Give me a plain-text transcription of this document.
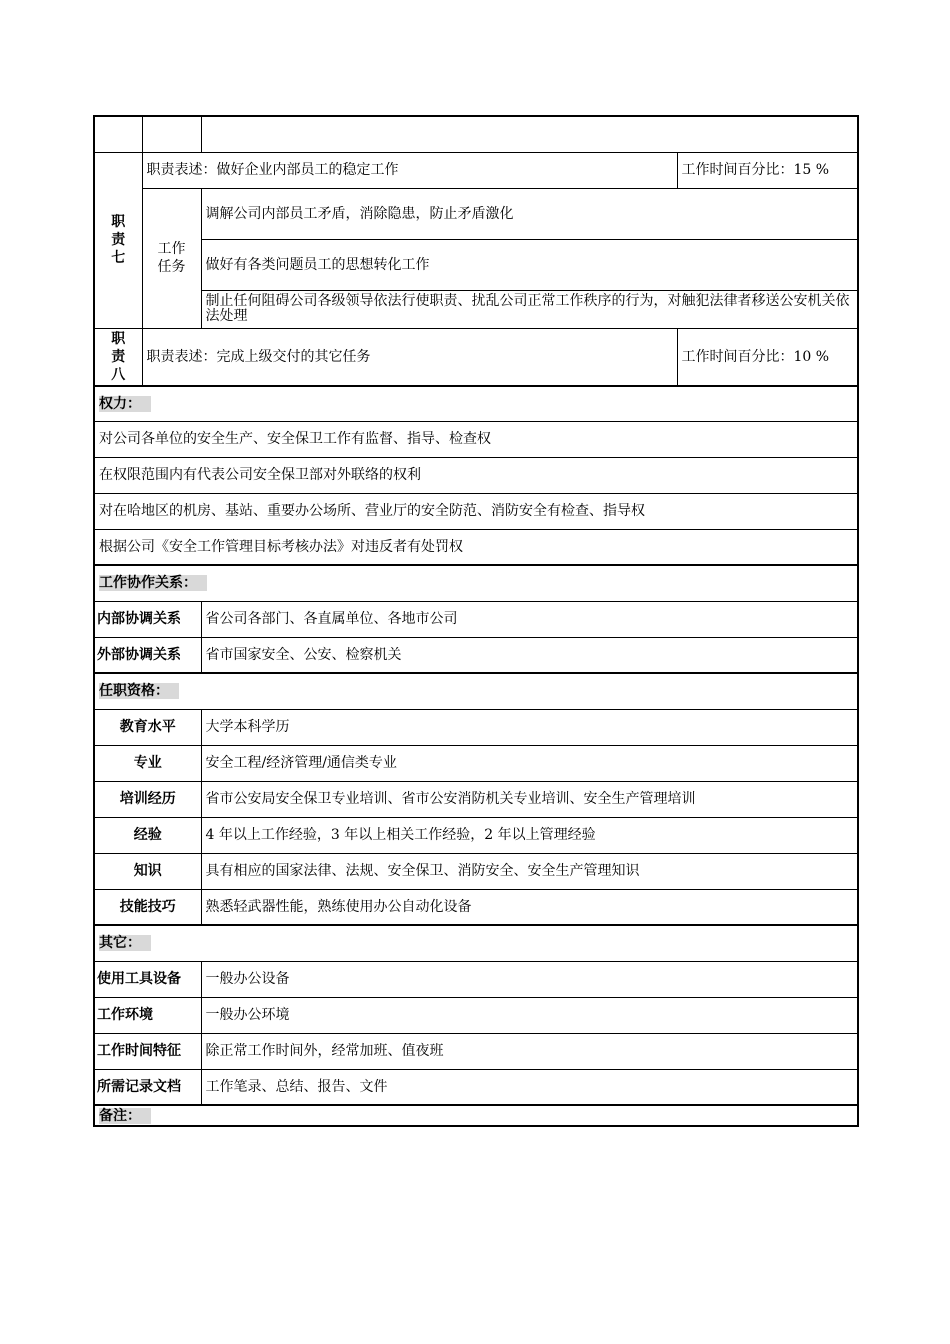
职责七	职责表述：做好企业内部员工的稳定工作		工作时间百分比：15 %
	工作任务	调解公司内部员工矛盾，消除隐患，防止矛盾激化	
		做好有各类问题员工的思想转化工作	
		制止任何阻碍公司各级领导依法行使职责、扰乱公司正常工作秩序的行为，对触犯法律者移送公安机关依法处理	
职责八	职责表述：完成上级交付的其它任务		工作时间百分比：10 %
权力：			
对公司各单位的安全生产、安全保卫工作有监督、指导、检查权			
在权限范围内有代表公司安全保卫部对外联络的权利			
对在哈地区的机房、基站、重要办公场所、营业厅的安全防范、消防安全有检查、指导权			
根据公司《安全工作管理目标考核办法》对违反者有处罚权			
工作协作关系：			
内部协调关系		省公司各部门、各直属单位、各地市公司	
外部协调关系		省市国家安全、公安、检察机关	
任职资格：			
教育水平		大学本科学历	
专业		安全工程/经济管理/通信类专业	
培训经历		省市公安局安全保卫专业培训、省市公安消防机关专业培训、安全生产管理培训	
经验		4 年以上工作经验，3 年以上相关工作经验，2 年以上管理经验	
知识		具有相应的国家法律、法规、安全保卫、消防安全、安全生产管理知识	
技能技巧		熟悉轻武器性能，熟练使用办公自动化设备	
其它：			
使用工具设备		一般办公设备	
工作环境		一般办公环境	
工作时间特征		除正常工作时间外，经常加班、值夜班	
所需记录文档		工作笔录、总结、报告、文件	
备注：			
